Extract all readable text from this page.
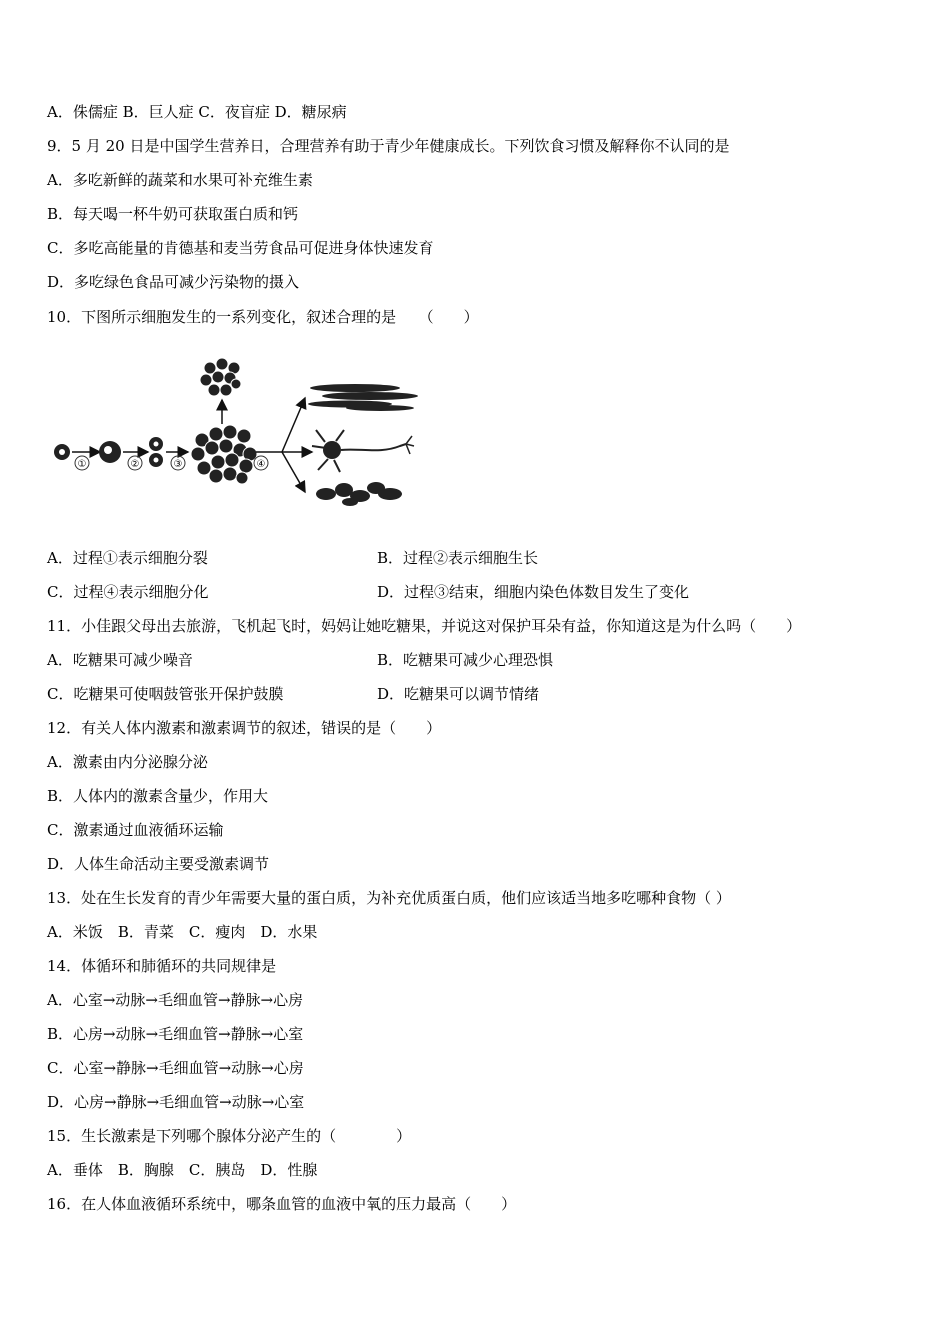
A．侏儒症 B．巨人症 C．夜盲症 D．糖尿病
9．5 月 20 日是中国学生营养日，合理营养有助于青少年健康成长。下列饮食习惯及解释你不认同的是
A．多吃新鲜的蔬菜和水果可补充维生素
B．每天喝一杯牛奶可获取蛋白质和钙
C．多吃高能量的肯德基和麦当劳食品可促进身体快速发育
D．多吃绿色食品可减少污染物的摄入
10．下图所示细胞发生的一系列变化，叙述合理的是　　（　　）
①	②	③	④
A．过程①表示细胞分裂	B．过程②表示细胞生长
C．过程④表示细胞分化	D．过程③结束，细胞内染色体数目发生了变化
11．小佳跟父母出去旅游，飞机起飞时，妈妈让她吃糖果，并说这对保护耳朵有益，你知道这是为什么吗（　　）
A．吃糖果可减少噪音	B．吃糖果可减少心理恐惧
C．吃糖果可使咽鼓管张开保护鼓膜	D．吃糖果可以调节情绪
12．有关人体内激素和激素调节的叙述，错误的是（　　）
A．激素由内分泌腺分泌
B．人体内的激素含量少，作用大
C．激素通过血液循环运输
D．人体生命活动主要受激素调节
13．处在生长发育的青少年需要大量的蛋白质，为补充优质蛋白质，他们应该适当地多吃哪种食物（ ）
A．米饭　B．青菜　C．瘦肉　D．水果
14．体循环和肺循环的共同规律是
A．心室→动脉→毛细血管→静脉→心房
B．心房→动脉→毛细血管→静脉→心室
C．心室→静脉→毛细血管→动脉→心房
D．心房→静脉→毛细血管→动脉→心室
15．生长激素是下列哪个腺体分泌产生的（　　　　）
A．垂体　B．胸腺　C．胰岛　D．性腺
16．在人体血液循环系统中，哪条血管的血液中氧的压力最高（　　）
